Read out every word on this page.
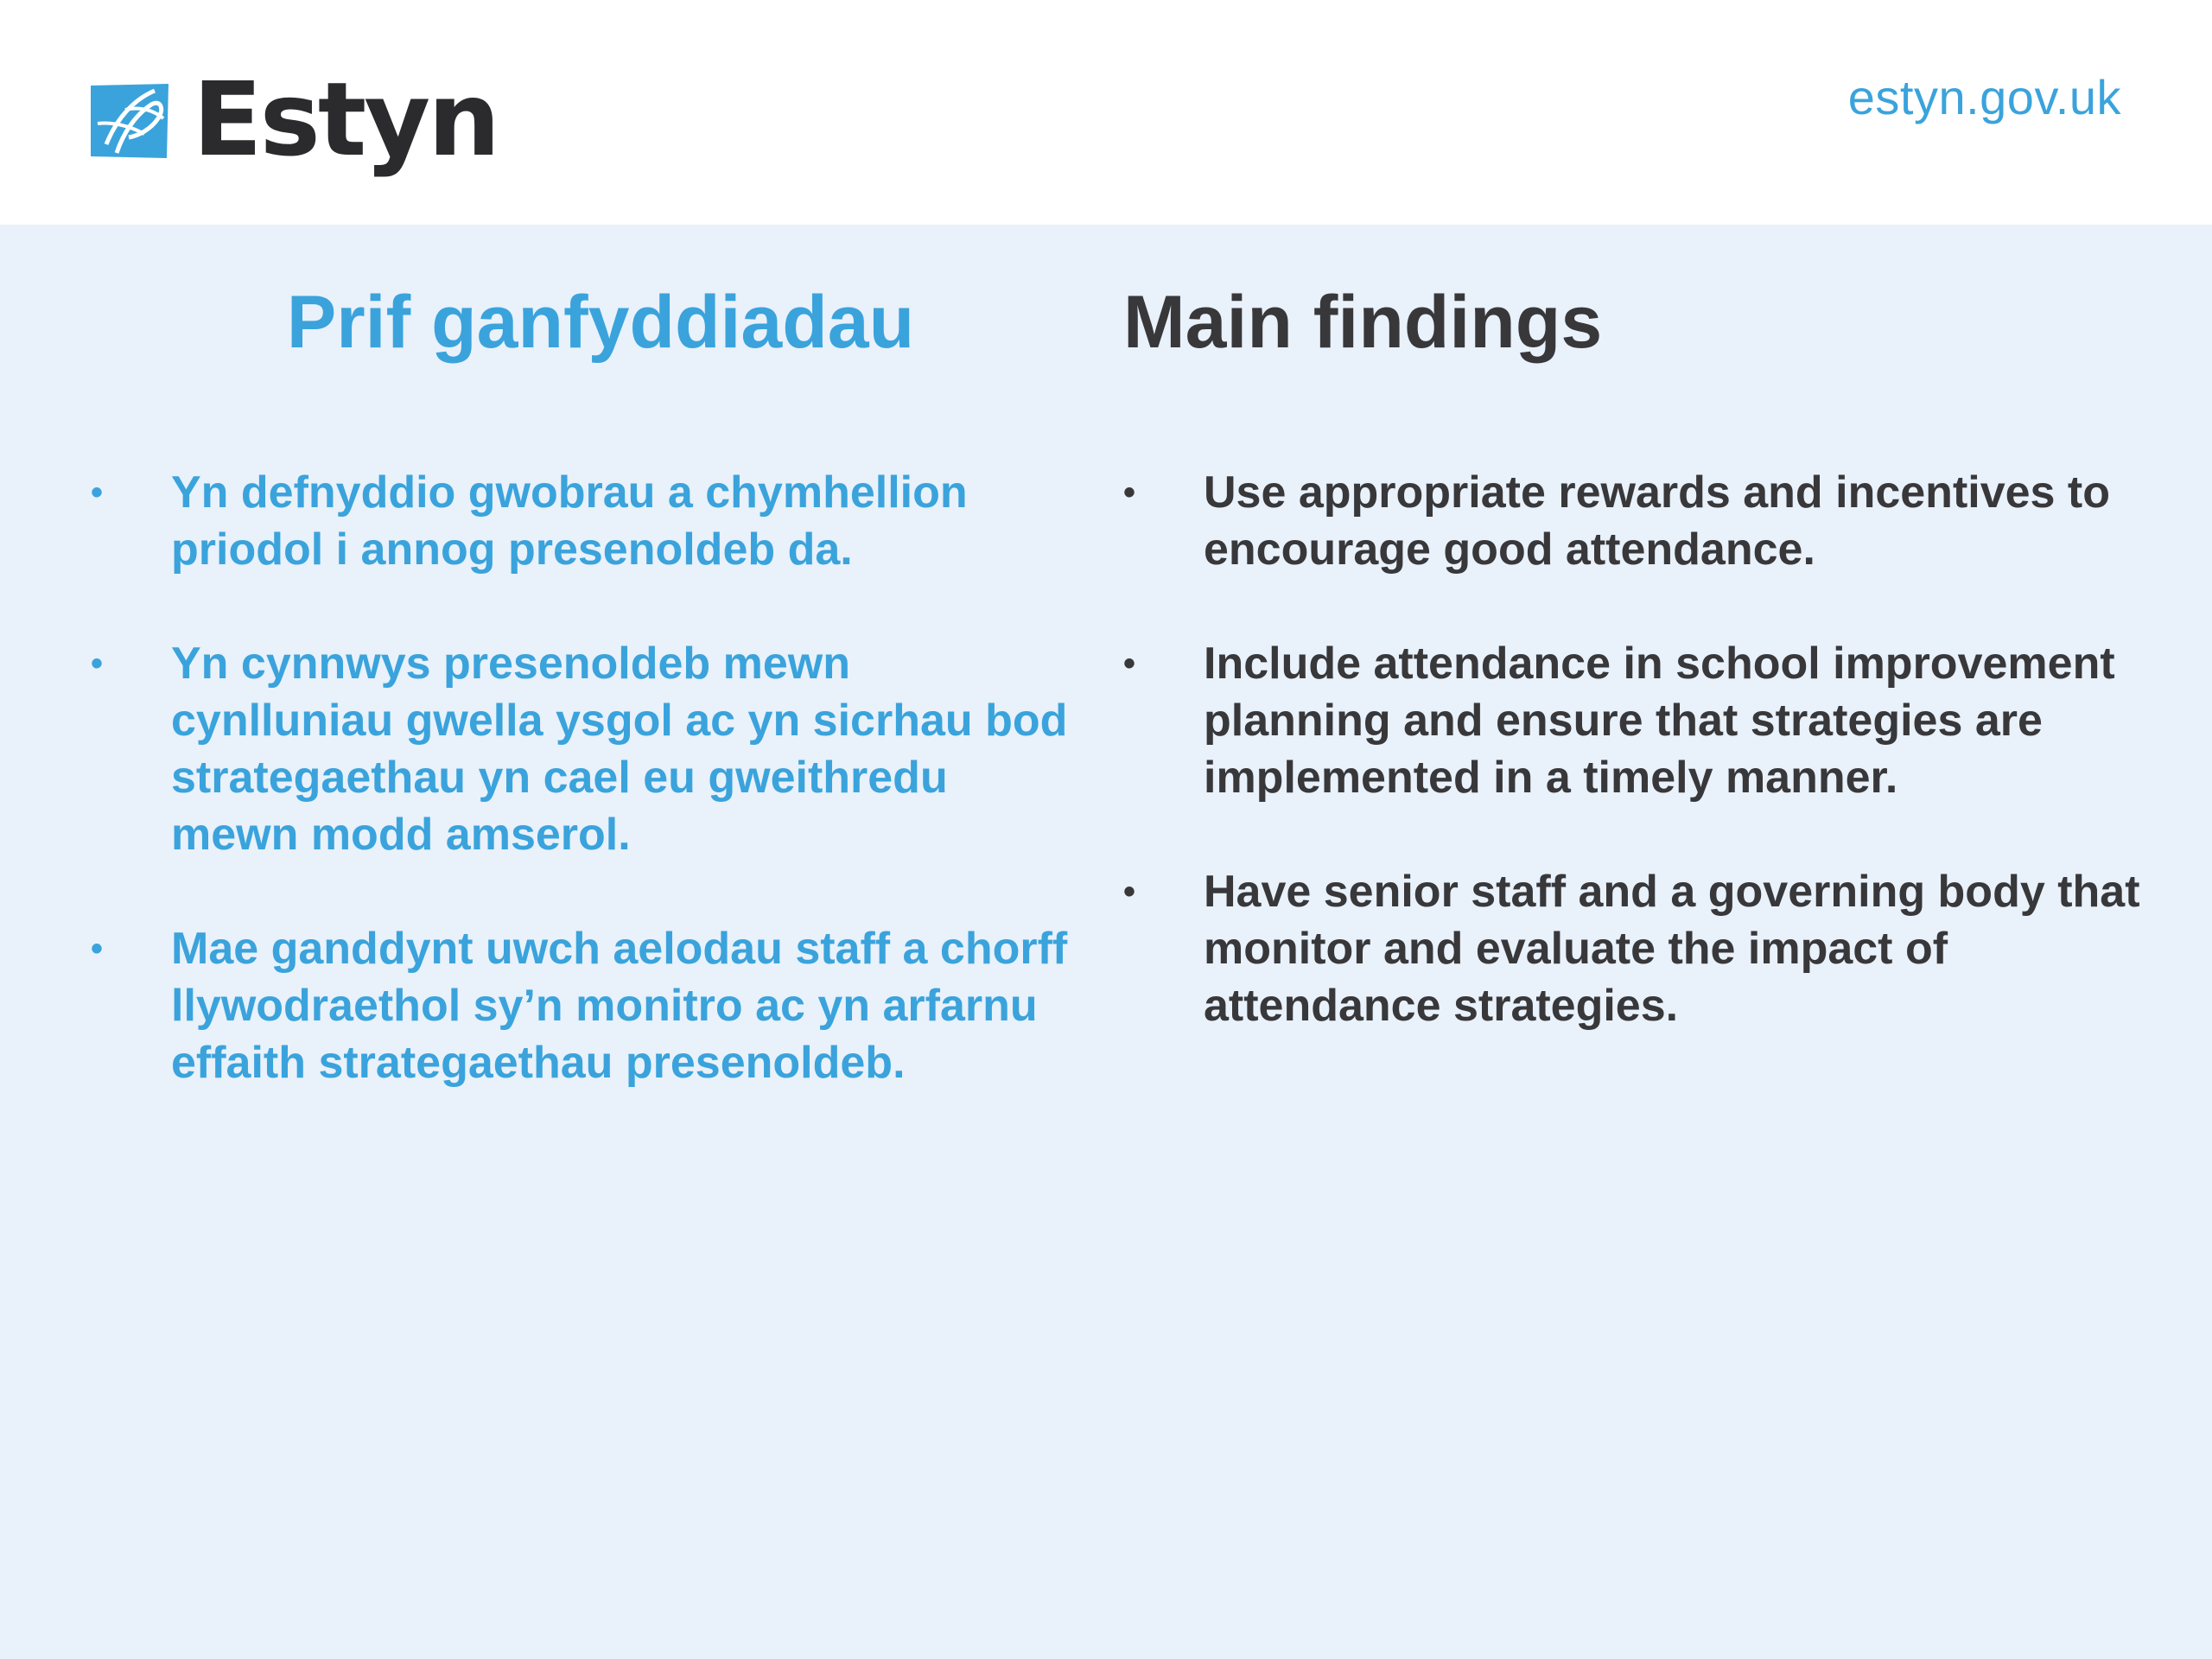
Estyn	estyn.gov.uk
Prif ganfyddiadau
• Yn defnyddio gwobrau a chymhellion priodol i annog presenoldeb da.
• Yn cynnwys presenoldeb mewn cynlluniau gwella ysgol ac yn sicrhau bod strategaethau yn cael eu gweithredu mewn modd amserol.
• Mae ganddynt uwch aelodau staff a chorff llywodraethol sy’n monitro ac yn arfarnu effaith strategaethau presenoldeb.
Main findings
• Use appropriate rewards and incentives to encourage good attendance.
• Include attendance in school improvement planning and ensure that strategies are implemented in a timely manner.
• Have senior staff and a governing body that monitor and evaluate the impact of attendance strategies.
